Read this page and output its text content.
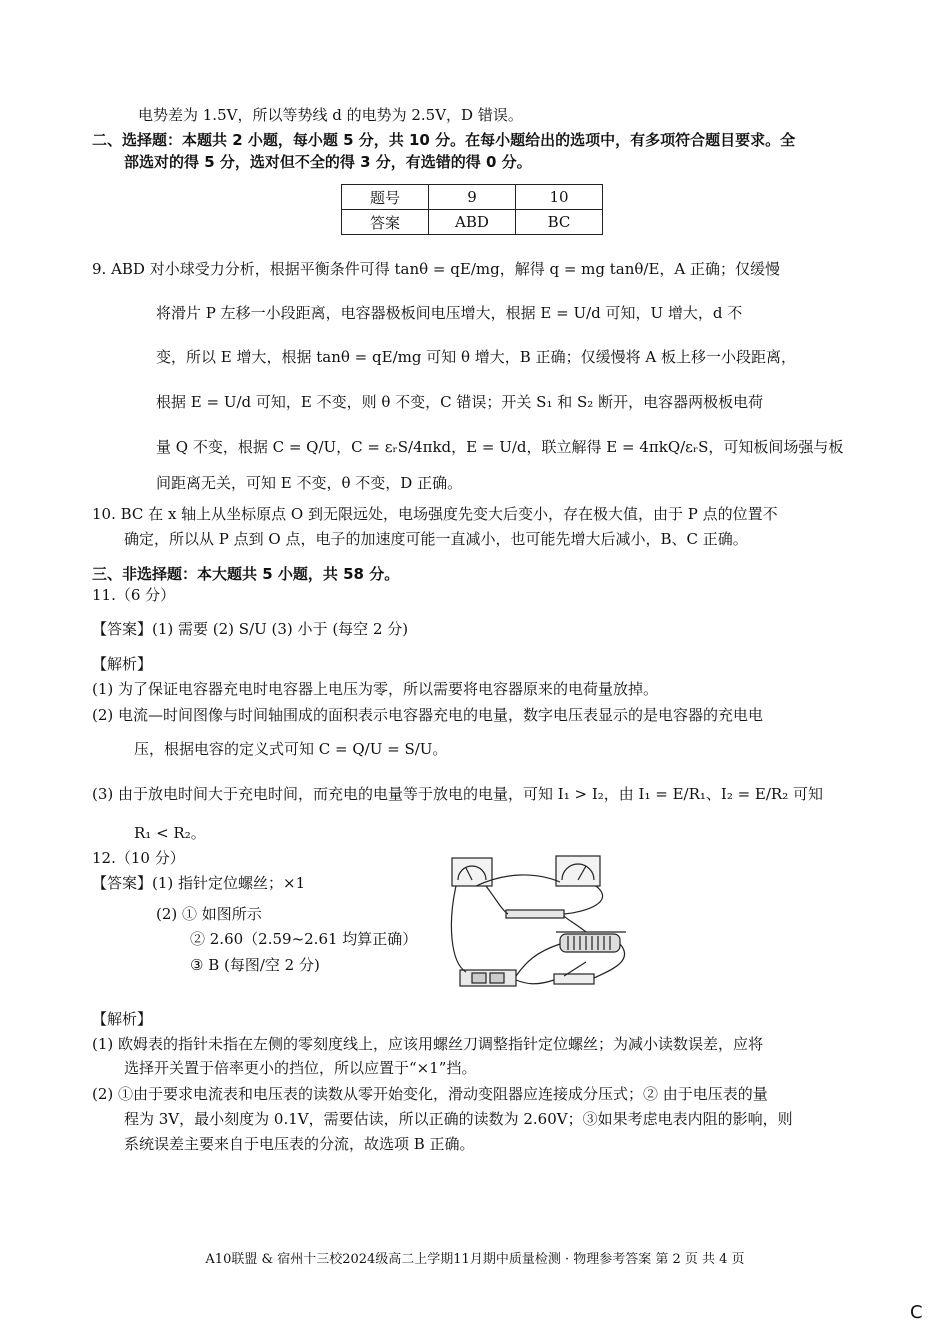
电势差为 1.5V，所以等势线 d 的电势为 2.5V，D 错误。
二、选择题：本题共 2 小题，每小题 5 分，共 10 分。在每小题给出的选项中，有多项符合题目要求。全
部选对的得 5 分，选对但不全的得 3 分，有选错的得 0 分。
题号	9	10
答案	ABD	BC
9. ABD 对小球受力分析，根据平衡条件可得 tanθ = qE/mg，解得 q = mg tanθ/E，A 正确；仅缓慢
将滑片 P 左移一小段距离，电容器极板间电压增大，根据 E = U/d 可知，U 增大，d 不
变，所以 E 增大，根据 tanθ = qE/mg 可知 θ 增大，B 正确；仅缓慢将 A 板上移一小段距离，
根据 E = U/d 可知，E 不变，则 θ 不变，C 错误；开关 S₁ 和 S₂ 断开，电容器两极板电荷
量 Q 不变，根据 C = Q/U，C = εᵣS/4πkd，E = U/d，联立解得 E = 4πkQ/εᵣS，可知板间场强与板
间距离无关，可知 E 不变，θ 不变，D 正确。
10. BC 在 x 轴上从坐标原点 O 到无限远处，电场强度先变大后变小，存在极大值，由于 P 点的位置不
确定，所以从 P 点到 O 点，电子的加速度可能一直减小，也可能先增大后减小，B、C 正确。
三、非选择题：本大题共 5 小题，共 58 分。
11.（6 分）
【答案】(1) 需要 (2) S/U (3) 小于 (每空 2 分)
【解析】
(1) 为了保证电容器充电时电容器上电压为零，所以需要将电容器原来的电荷量放掉。
(2) 电流—时间图像与时间轴围成的面积表示电容器充电的电量，数字电压表显示的是电容器的充电电
压，根据电容的定义式可知 C = Q/U = S/U。
(3) 由于放电时间大于充电时间，而充电的电量等于放电的电量，可知 I₁ > I₂，由 I₁ = E/R₁、I₂ = E/R₂ 可知
R₁ < R₂。
12.（10 分）
【答案】(1) 指针定位螺丝；×1
(2) ① 如图所示
② 2.60（2.59~2.61 均算正确）
③ B (每图/空 2 分)
【解析】
(1) 欧姆表的指针未指在左侧的零刻度线上，应该用螺丝刀调整指针定位螺丝；为减小读数误差，应将
选择开关置于倍率更小的挡位，所以应置于“×1”挡。
(2) ①由于要求电流表和电压表的读数从零开始变化，滑动变阻器应连接成分压式；② 由于电压表的量
程为 3V，最小刻度为 0.1V，需要估读，所以正确的读数为 2.60V；③如果考虑电表内阻的影响，则
系统误差主要来自于电压表的分流，故选项 B 正确。
A10联盟 & 宿州十三校2024级高二上学期11月期中质量检测 · 物理参考答案 第 2 页 共 4 页
C
